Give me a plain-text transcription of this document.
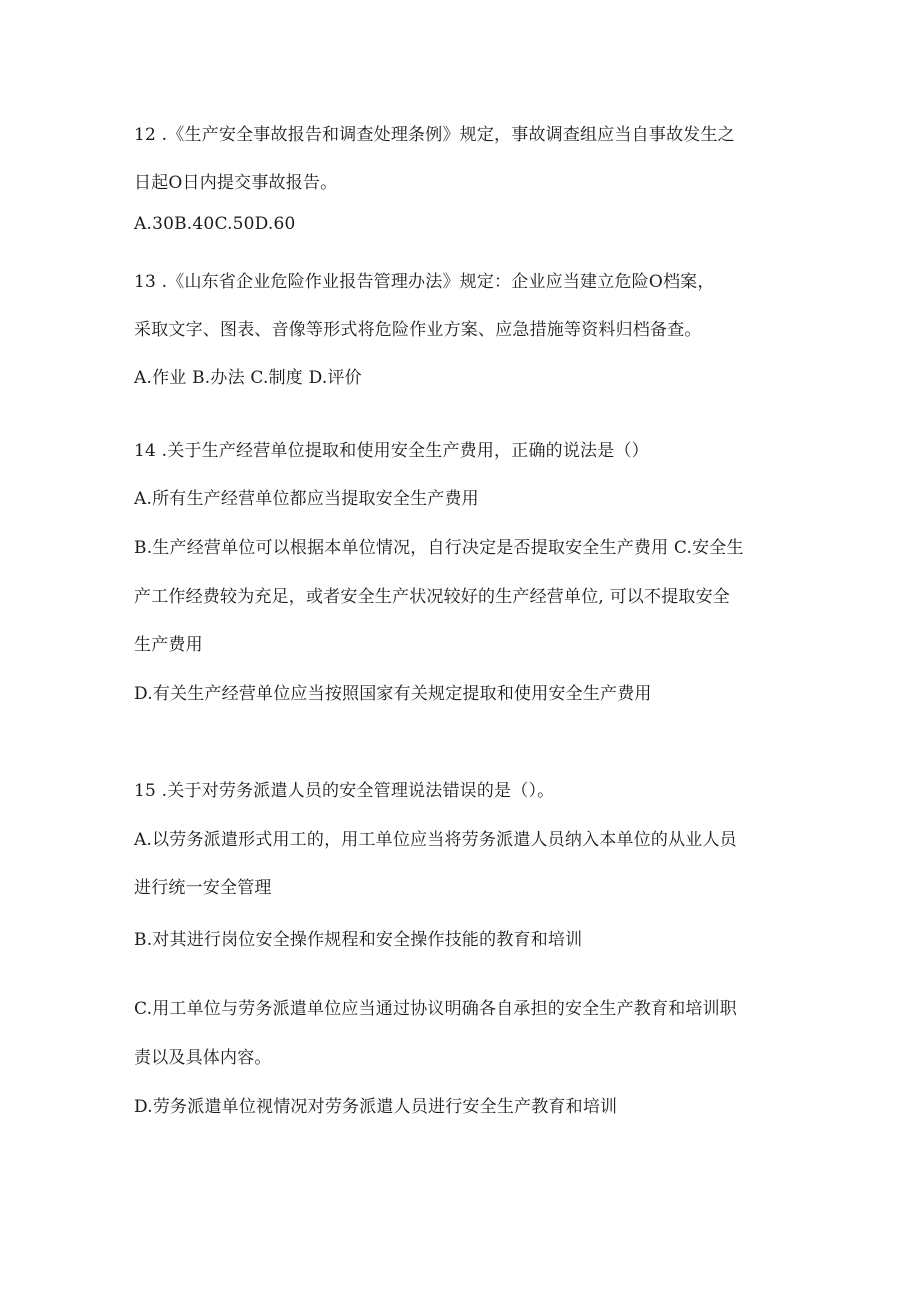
12 .《生产安全事故报告和调查处理条例》规定，事故调查组应当自事故发生之
日起O日内提交事故报告。
A.30B.40C.50D.60
13 .《山东省企业危险作业报告管理办法》规定：企业应当建立危险O档案，
采取文字、图表、音像等形式将危险作业方案、应急措施等资料归档备查。
A.作业 B.办法 C.制度 D.评价
14 .关于生产经营单位提取和使用安全生产费用，正确的说法是（）
A.所有生产经营单位都应当提取安全生产费用
B.生产经营单位可以根据本单位情况，自行决定是否提取安全生产费用 C.安全生
产工作经费较为充足，或者安全生产状况较好的生产经营单位, 可以不提取安全
生产费用
D.有关生产经营单位应当按照国家有关规定提取和使用安全生产费用
15 .关于对劳务派遣人员的安全管理说法错误的是（）。
A.以劳务派遣形式用工的，用工单位应当将劳务派遣人员纳入本单位的从业人员
进行统一安全管理
B.对其进行岗位安全操作规程和安全操作技能的教育和培训
C.用工单位与劳务派遣单位应当通过协议明确各自承担的安全生产教育和培训职
责以及具体内容。
D.劳务派遣单位视情况对劳务派遣人员进行安全生产教育和培训
